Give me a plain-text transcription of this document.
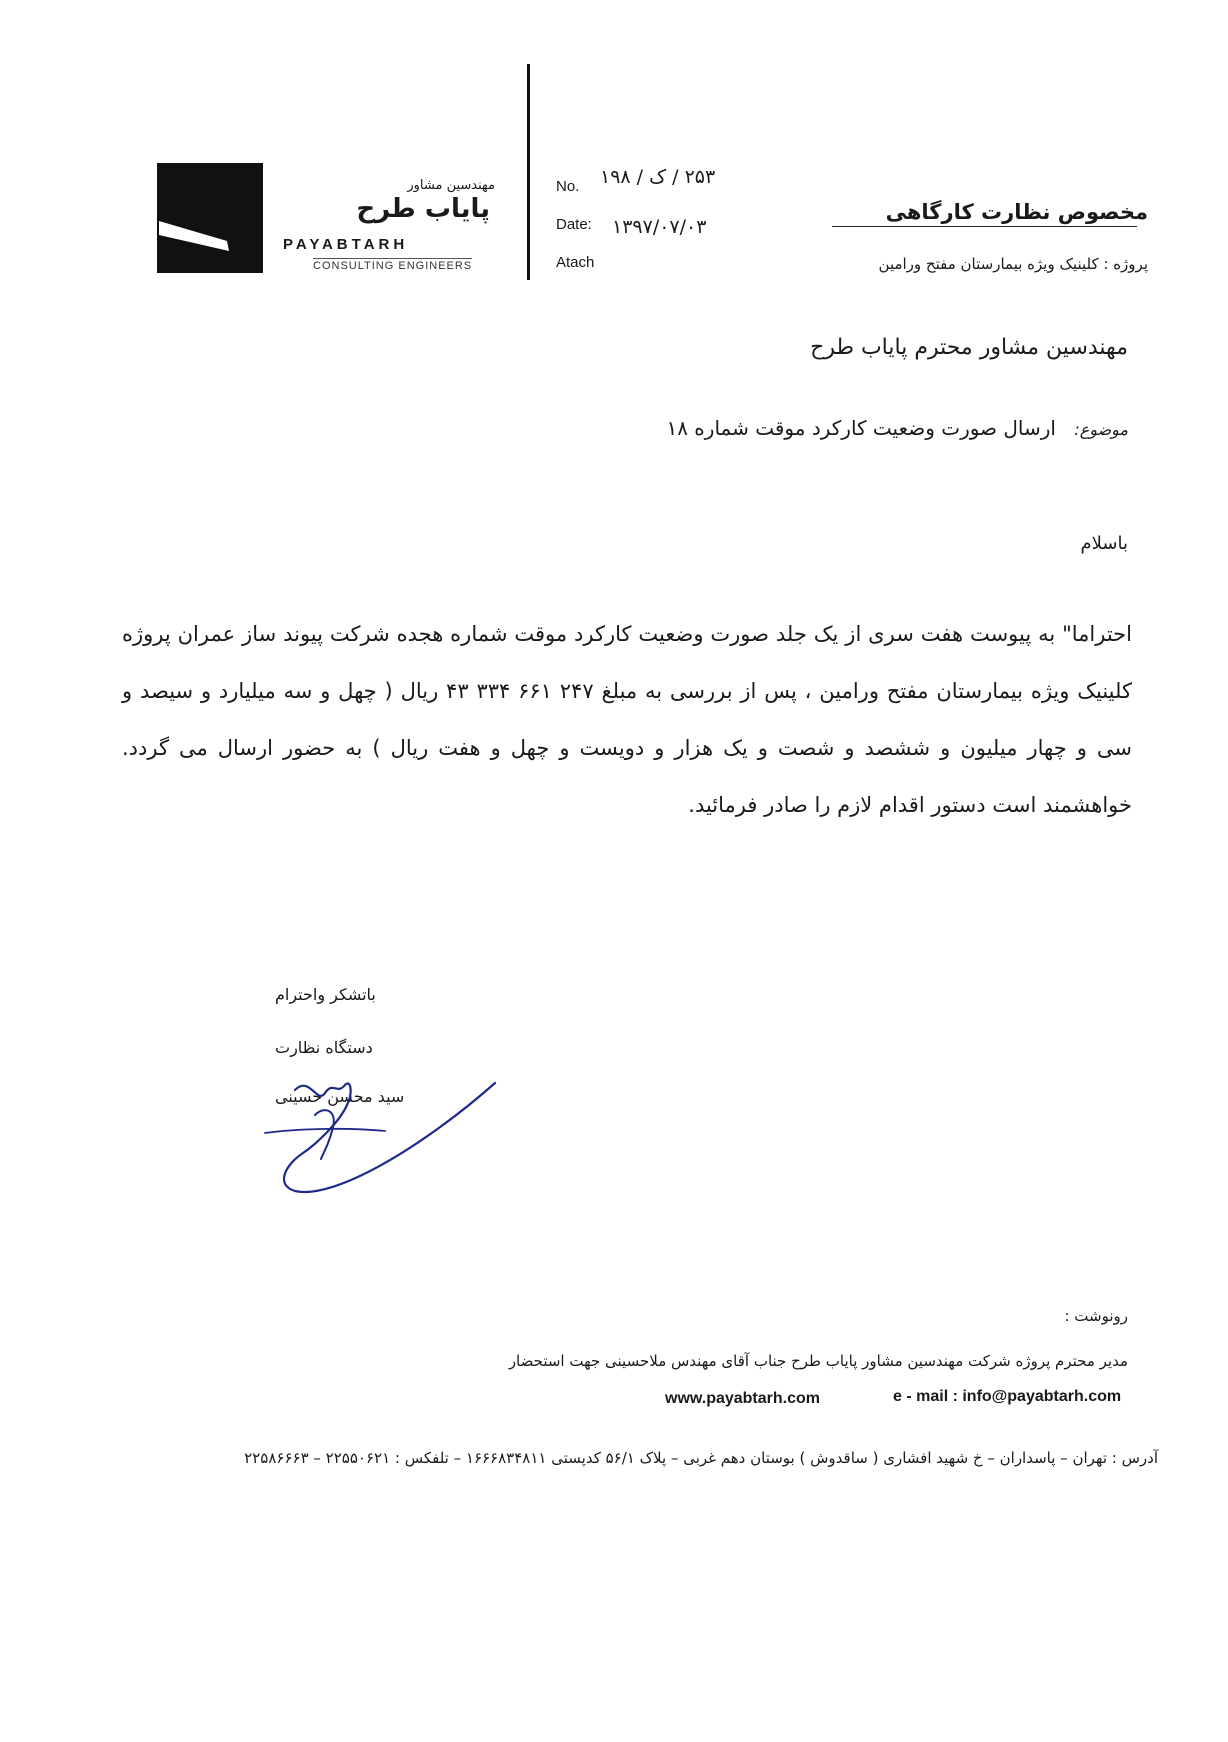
مهندسین مشاور
پایاب طرح
PAYABTARH
CONSULTING ENGINEERS
No. ۲۵۳ / ک / ۱۹۸
Date: ۱۳۹۷/۰۷/۰۳
Atach
مخصوص نظارت کارگاهی
پروژه : کلینیک ویژه بیمارستان مفتح ورامین
مهندسین مشاور محترم پایاب طرح
موضوع:
ارسال صورت وضعیت کارکرد موقت شماره ۱۸
باسلام
احتراما" به پیوست هفت سری از یک جلد صورت وضعیت کارکرد موقت شماره هجده شرکت پیوند ساز عمران پروژه کلینیک ویژه بیمارستان مفتح ورامین ، پس از بررسی به مبلغ ۲۴۷ ۶۶۱ ۳۳۴ ۴۳ ریال ( چهل و سه میلیارد و سیصد و سی و چهار میلیون و ششصد و شصت و یک هزار و دویست و چهل و هفت ریال ) به حضور ارسال می گردد. خواهشمند است دستور اقدام لازم را صادر فرمائید.
باتشکر واحترام
دستگاه نظارت
سید محسن حسینی
رونوشت :
مدیر محترم پروژه شرکت مهندسین مشاور پایاب طرح جناب آقای مهندس ملاحسینی جهت استحضار
www.payabtarh.com	e - mail : info@payabtarh.com
آدرس : تهران – پاسداران – خ شهید افشاری ( ساقدوش ) بوستان دهم غربی – پلاک ۵۶/۱ کدپستی ۱۶۶۶۸۳۴۸۱۱ – تلفکس : ۲۲۵۵۰۶۲۱ – ۲۲۵۸۶۶۶۳
